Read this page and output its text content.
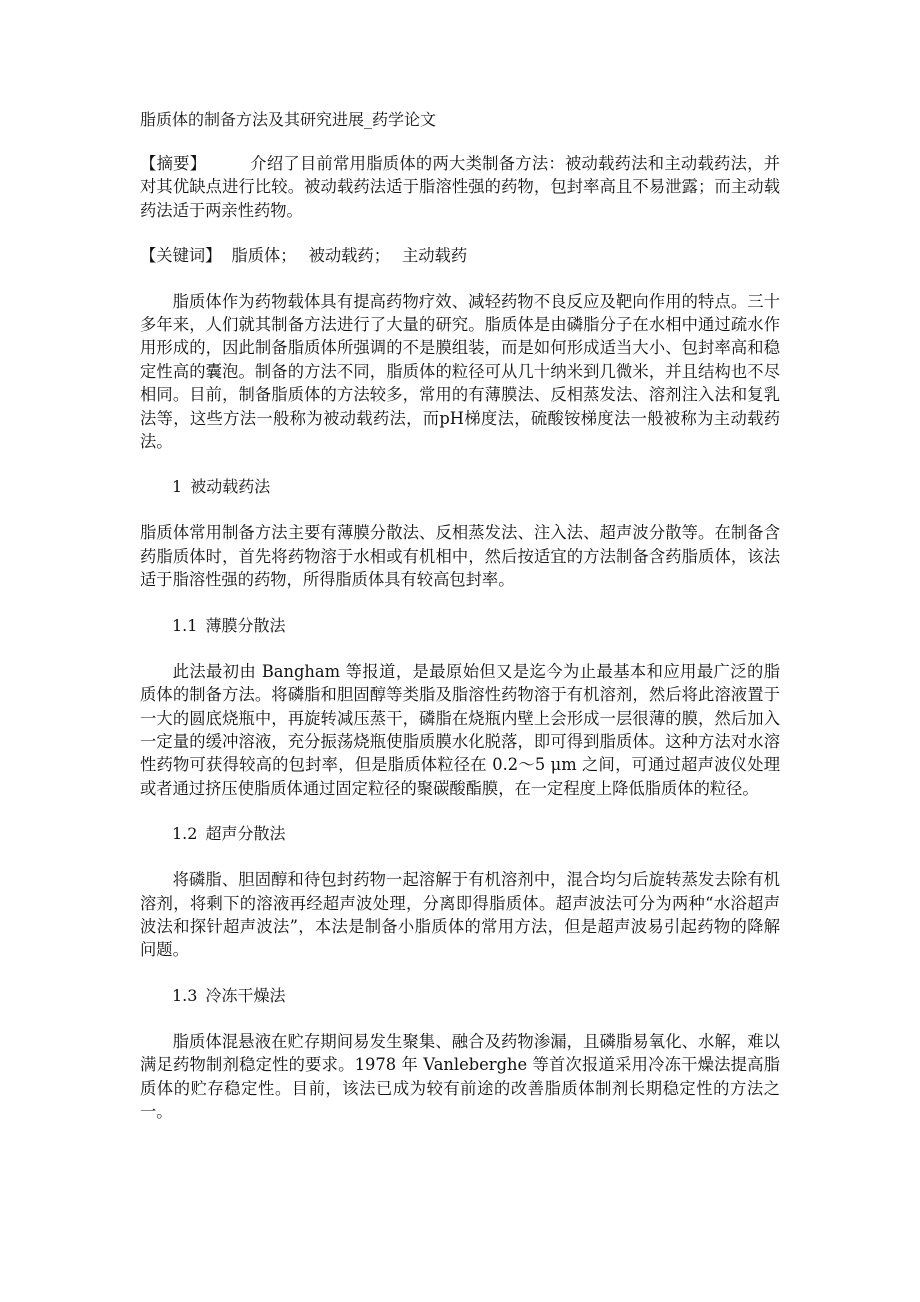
脂质体的制备方法及其研究进展_药学论文

【摘要】	介绍了目前常用脂质体的两大类制备方法：被动载药法和主动载药法，并对其优缺点进行比较。被动载药法适于脂溶性强的药物，包封率高且不易泄露；而主动载药法适于两亲性药物。

【关键词】 脂质体； 被动载药； 主动载药

脂质体作为药物载体具有提高药物疗效、减轻药物不良反应及靶向作用的特点。三十多年来，人们就其制备方法进行了大量的研究。脂质体是由磷脂分子在水相中通过疏水作用形成的，因此制备脂质体所强调的不是膜组装，而是如何形成适当大小、包封率高和稳定性高的囊泡。制备的方法不同，脂质体的粒径可从几十纳米到几微米，并且结构也不尽相同。目前，制备脂质体的方法较多，常用的有薄膜法、反相蒸发法、溶剂注入法和复乳法等，这些方法一般称为被动载药法，而pH梯度法，硫酸铵梯度法一般被称为主动载药法。

1 被动载药法

脂质体常用制备方法主要有薄膜分散法、反相蒸发法、注入法、超声波分散等。在制备含药脂质体时，首先将药物溶于水相或有机相中，然后按适宜的方法制备含药脂质体，该法适于脂溶性强的药物，所得脂质体具有较高包封率。

1.1 薄膜分散法

此法最初由 Bangham 等报道，是最原始但又是迄今为止最基本和应用最广泛的脂质体的制备方法。将磷脂和胆固醇等类脂及脂溶性药物溶于有机溶剂，然后将此溶液置于一大的圆底烧瓶中，再旋转减压蒸干，磷脂在烧瓶内壁上会形成一层很薄的膜，然后加入一定量的缓冲溶液，充分振荡烧瓶使脂质膜水化脱落，即可得到脂质体。这种方法对水溶性药物可获得较高的包封率，但是脂质体粒径在 0.2～5 μm 之间，可通过超声波仪处理或者通过挤压使脂质体通过固定粒径的聚碳酸酯膜，在一定程度上降低脂质体的粒径。

1.2 超声分散法

将磷脂、胆固醇和待包封药物一起溶解于有机溶剂中，混合均匀后旋转蒸发去除有机溶剂，将剩下的溶液再经超声波处理，分离即得脂质体。超声波法可分为两种“水浴超声波法和探针超声波法”，本法是制备小脂质体的常用方法，但是超声波易引起药物的降解问题。

1.3 冷冻干燥法

脂质体混悬液在贮存期间易发生聚集、融合及药物渗漏，且磷脂易氧化、水解，难以满足药物制剂稳定性的要求。1978 年 Vanleberghe 等首次报道采用冷冻干燥法提高脂质体的贮存稳定性。目前，该法已成为较有前途的改善脂质体制剂长期稳定性的方法之一。
